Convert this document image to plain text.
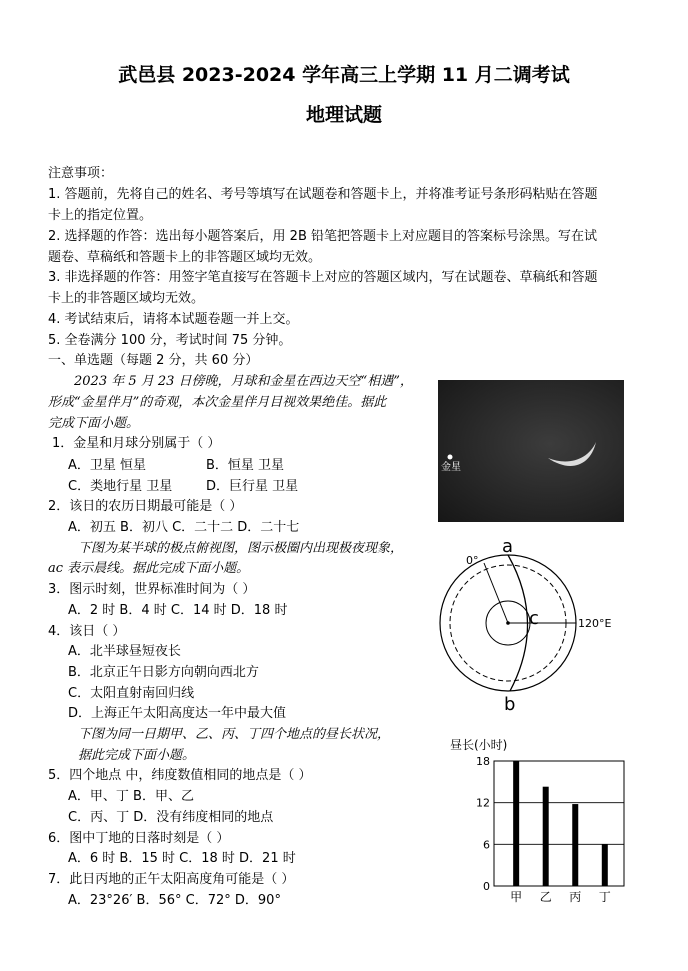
武邑县 2023-2024 学年高三上学期 11 月二调考试
地理试题
注意事项：
1. 答题前，先将自己的姓名、考号等填写在试题卷和答题卡上，并将准考证号条形码粘贴在答题
卡上的指定位置。
2. 选择题的作答：选出每小题答案后，用 2B 铅笔把答题卡上对应题目的答案标号涂黑。写在试
题卷、草稿纸和答题卡上的非答题区域均无效。
3. 非选择题的作答：用签字笔直接写在答题卡上对应的答题区域内，写在试题卷、草稿纸和答题
卡上的非答题区域均无效。
4. 考试结束后，请将本试题卷题一并上交。
5. 全卷满分 100 分，考试时间 75 分钟。
一、单选题（每题 2 分，共 60 分）
2023 年 5 月 23 日傍晚，月球和金星在西边天空“相遇”，
形成“金星伴月”的奇观，本次金星伴月目视效果绝佳。据此
完成下面小题。
1．金星和月球分别属于（ ）
A．卫星 恒星	B．恒星 卫星
C．类地行星 卫星	D．巨行星 卫星
2．该日的农历日期最可能是（ ）
A．初五 B．初八 C．二十二 D．二十七
下图为某半球的极点俯视图，图示极圈内出现极夜现象，
ac 表示晨线。据此完成下面小题。
3．图示时刻，世界标准时间为（ ）
A．2 时 B．4 时 C．14 时 D．18 时
4．该日（ ）
A．北半球昼短夜长
B．北京正午日影方向朝向西北方
C．太阳直射南回归线
D．上海正午太阳高度达一年中最大值
下图为同一日期甲、乙、丙、丁四个地点的昼长状况，
据此完成下面小题。
5．四个地点 中，纬度数值相同的地点是（ ）
A．甲、丁 B．甲、乙
C．丙、丁 D．没有纬度相同的地点
6．图中丁地的日落时刻是（ ）
A．6 时 B．15 时 C．18 时 D．21 时
7．此日丙地的正午太阳高度角可能是（ ）
A．23°26′ B．56° C．72° D．90°
金星
0°
a
c
b
120°E
昼长(小时)
0
6
12
18
甲 乙 丙 丁
